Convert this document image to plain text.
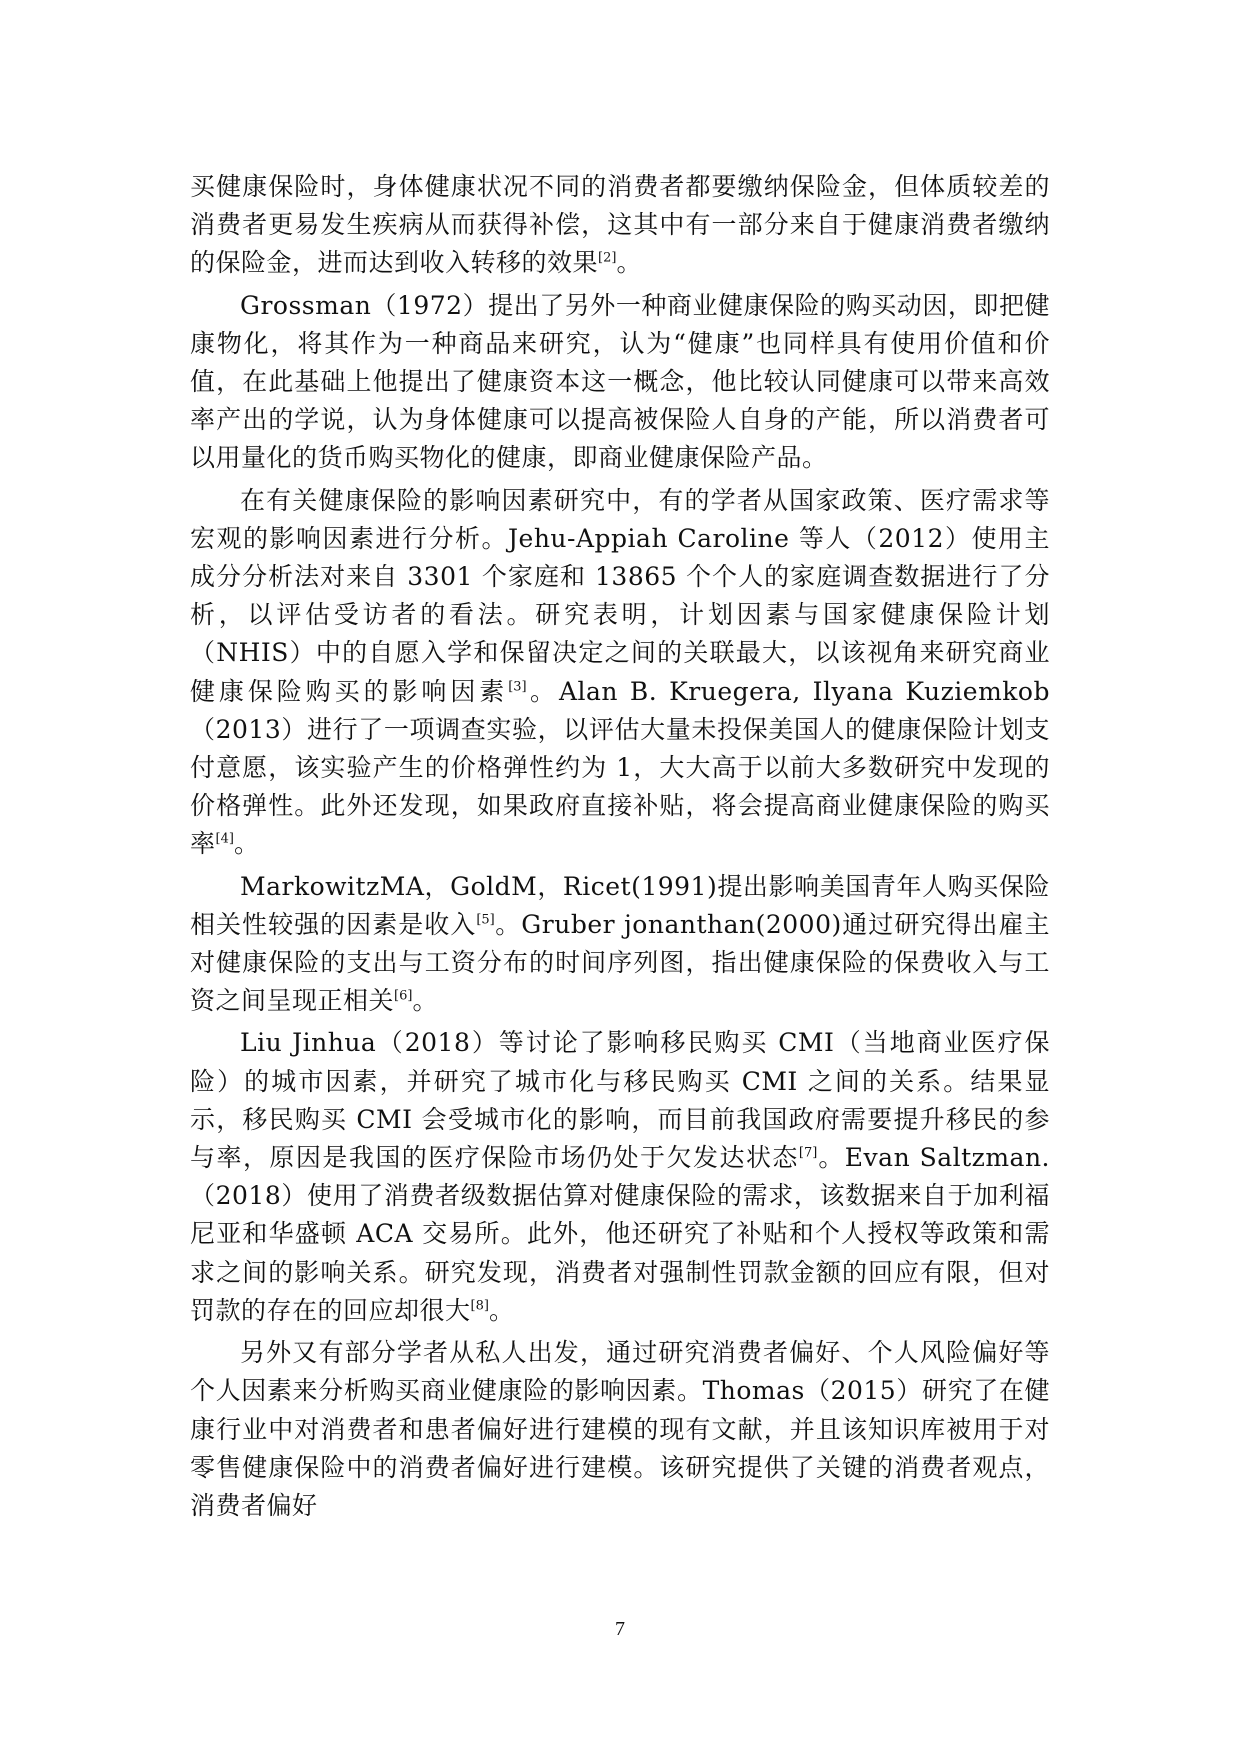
买健康保险时，身体健康状况不同的消费者都要缴纳保险金，但体质较差的消费者更易发生疾病从而获得补偿，这其中有一部分来自于健康消费者缴纳的保险金，进而达到收入转移的效果[2]。

Grossman（1972）提出了另外一种商业健康保险的购买动因，即把健康物化，将其作为一种商品来研究，认为“健康”也同样具有使用价值和价值，在此基础上他提出了健康资本这一概念，他比较认同健康可以带来高效率产出的学说，认为身体健康可以提高被保险人自身的产能，所以消费者可以用量化的货币购买物化的健康，即商业健康保险产品。

在有关健康保险的影响因素研究中，有的学者从国家政策、医疗需求等宏观的影响因素进行分析。Jehu-Appiah Caroline 等人（2012）使用主成分分析法对来自 3301 个家庭和 13865 个个人的家庭调查数据进行了分析，以评估受访者的看法。研究表明，计划因素与国家健康保险计划（NHIS）中的自愿入学和保留决定之间的关联最大，以该视角来研究商业健康保险购买的影响因素[3]。Alan B. Kruegera, Ilyana Kuziemkob（2013）进行了一项调查实验，以评估大量未投保美国人的健康保险计划支付意愿，该实验产生的价格弹性约为 1，大大高于以前大多数研究中发现的价格弹性。此外还发现，如果政府直接补贴，将会提高商业健康保险的购买率[4]。

MarkowitzMA，GoldM，Ricet(1991)提出影响美国青年人购买保险相关性较强的因素是收入[5]。Gruber jonanthan(2000)通过研究得出雇主对健康保险的支出与工资分布的时间序列图，指出健康保险的保费收入与工资之间呈现正相关[6]。

Liu Jinhua（2018）等讨论了影响移民购买 CMI（当地商业医疗保险）的城市因素，并研究了城市化与移民购买 CMI 之间的关系。结果显示，移民购买 CMI 会受城市化的影响，而目前我国政府需要提升移民的参与率，原因是我国的医疗保险市场仍处于欠发达状态[7]。Evan Saltzman.（2018）使用了消费者级数据估算对健康保险的需求，该数据来自于加利福尼亚和华盛顿 ACA 交易所。此外，他还研究了补贴和个人授权等政策和需求之间的影响关系。研究发现，消费者对强制性罚款金额的回应有限，但对罚款的存在的回应却很大[8]。

另外又有部分学者从私人出发，通过研究消费者偏好、个人风险偏好等个人因素来分析购买商业健康险的影响因素。Thomas（2015）研究了在健康行业中对消费者和患者偏好进行建模的现有文献，并且该知识库被用于对零售健康保险中的消费者偏好进行建模。该研究提供了关键的消费者观点，消费者偏好

7
